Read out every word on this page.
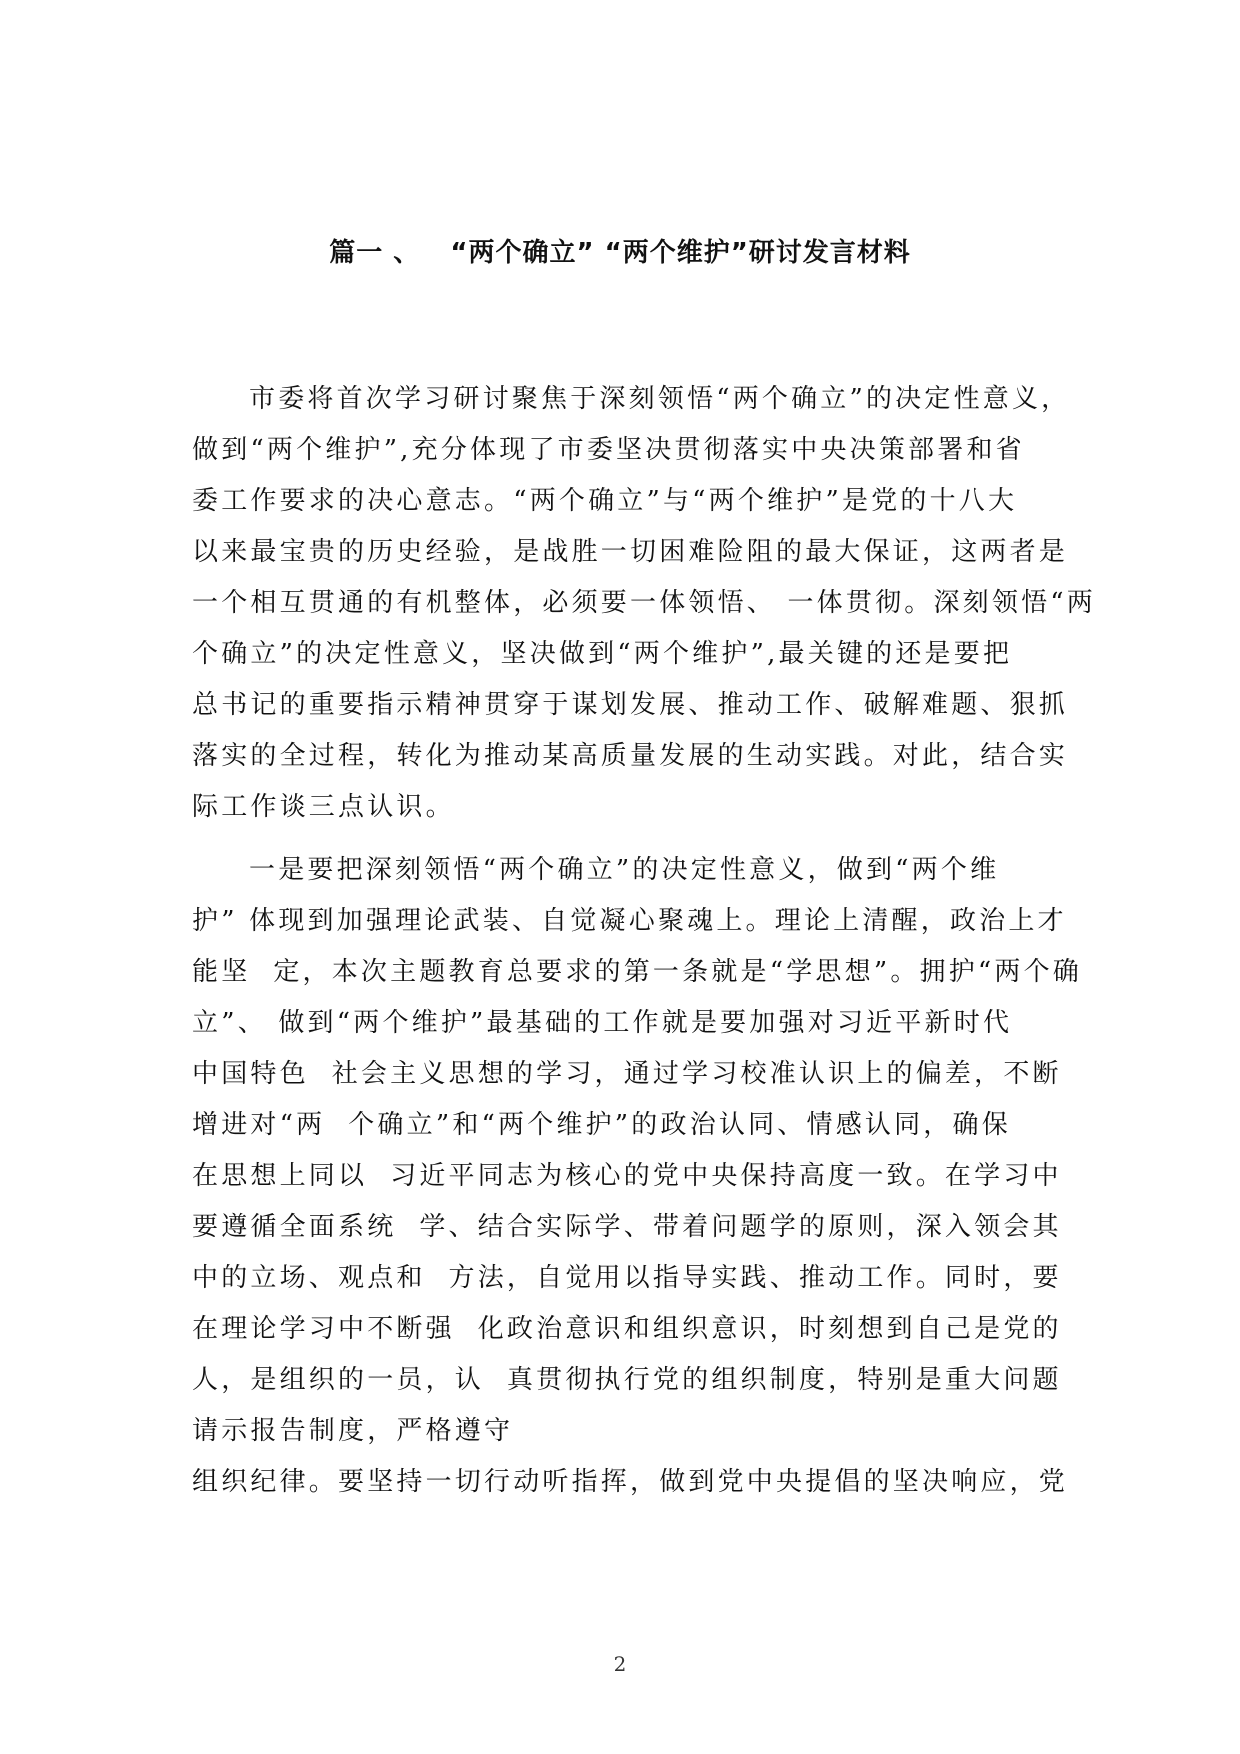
篇一 、   “两个确立” “两个维护”研讨发言材料
市委将首次学习研讨聚焦于深刻领悟“两个确立”的决定性意义，
做到“两个维护”,充分体现了市委坚决贯彻落实中央决策部署和省
委工作要求的决心意志。“两个确立”与“两个维护”是党的十八大
以来最宝贵的历史经验，是战胜一切困难险阻的最大保证，这两者是
一个相互贯通的有机整体，必须要一体领悟、 一体贯彻。深刻领悟“两
个确立”的决定性意义，坚决做到“两个维护”,最关键的还是要把
总书记的重要指示精神贯穿于谋划发展、推动工作、破解难题、狠抓
落实的全过程，转化为推动某高质量发展的生动实践。对此，结合实
际工作谈三点认识。
一是要把深刻领悟“两个确立”的决定性意义，做到“两个维
护” 体现到加强理论武装、自觉凝心聚魂上。理论上清醒，政治上才
能坚  定，本次主题教育总要求的第一条就是“学思想”。拥护“两个确
立”、 做到“两个维护”最基础的工作就是要加强对习近平新时代
中国特色  社会主义思想的学习，通过学习校准认识上的偏差，不断
增进对“两  个确立”和“两个维护”的政治认同、情感认同，确保
在思想上同以  习近平同志为核心的党中央保持高度一致。在学习中
要遵循全面系统  学、结合实际学、带着问题学的原则，深入领会其
中的立场、观点和  方法，自觉用以指导实践、推动工作。同时，要
在理论学习中不断强  化政治意识和组织意识，时刻想到自己是党的
人，是组织的一员，认  真贯彻执行党的组织制度，特别是重大问题
请示报告制度，严格遵守
组织纪律。要坚持一切行动听指挥，做到党中央提倡的坚决响应，党
2
